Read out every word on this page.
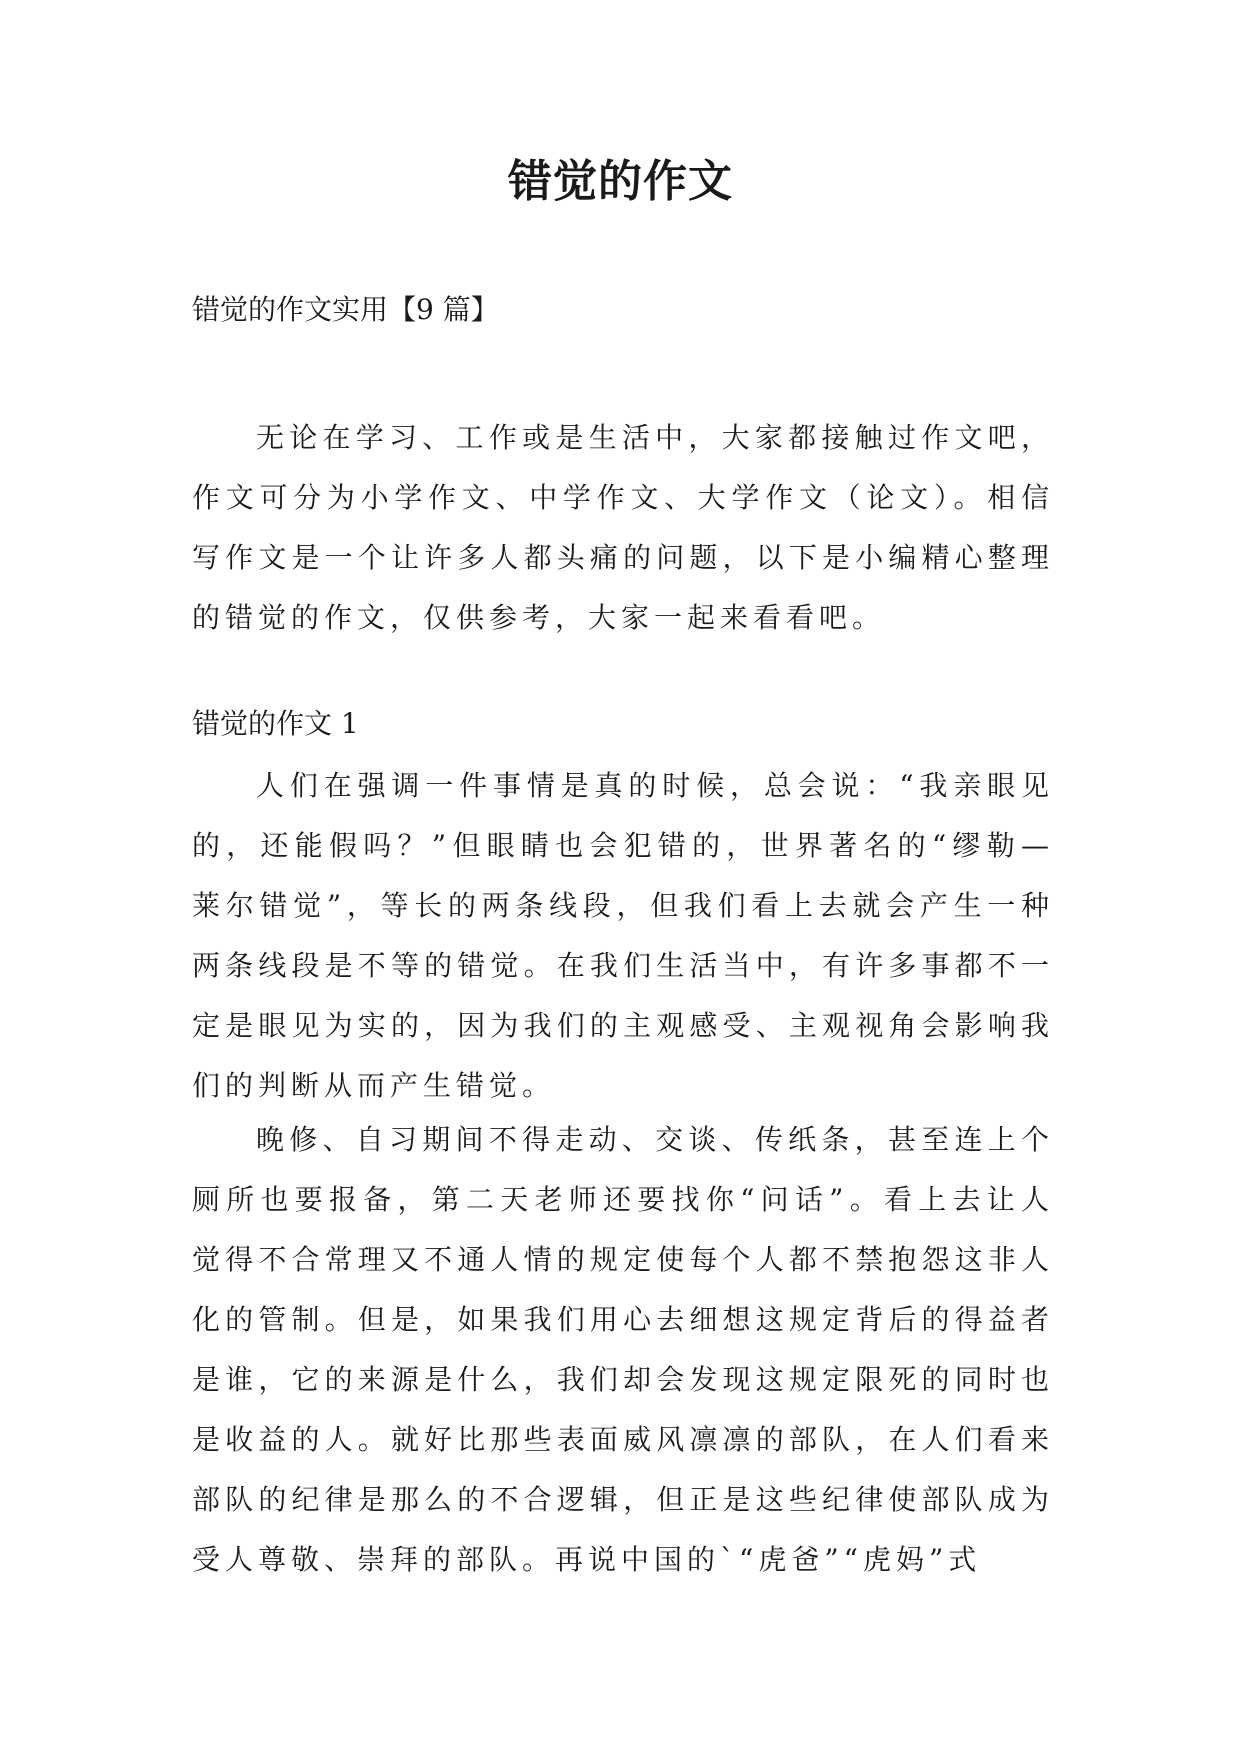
错觉的作文

错觉的作文实用【9 篇】

无论在学习、工作或是生活中，大家都接触过作文吧，作文可分为小学作文、中学作文、大学作文（论文）。相信写作文是一个让许多人都头痛的问题，以下是小编精心整理的错觉的作文，仅供参考，大家一起来看看吧。

错觉的作文 1

人们在强调一件事情是真的时候，总会说：“我亲眼见的，还能假吗？”但眼睛也会犯错的，世界著名的“缪勒—莱尔错觉”，等长的两条线段，但我们看上去就会产生一种两条线段是不等的错觉。在我们生活当中，有许多事都不一定是眼见为实的，因为我们的主观感受、主观视角会影响我们的判断从而产生错觉。

晚修、自习期间不得走动、交谈、传纸条，甚至连上个厕所也要报备，第二天老师还要找你“问话”。看上去让人觉得不合常理又不通人情的规定使每个人都不禁抱怨这非人化的管制。但是，如果我们用心去细想这规定背后的得益者是谁，它的来源是什么，我们却会发现这规定限死的同时也是收益的人。就好比那些表面威风凛凛的部队，在人们看来部队的纪律是那么的不合逻辑，但正是这些纪律使部队成为受人尊敬、崇拜的部队。再说中国的`“虎爸”“虎妈”式
